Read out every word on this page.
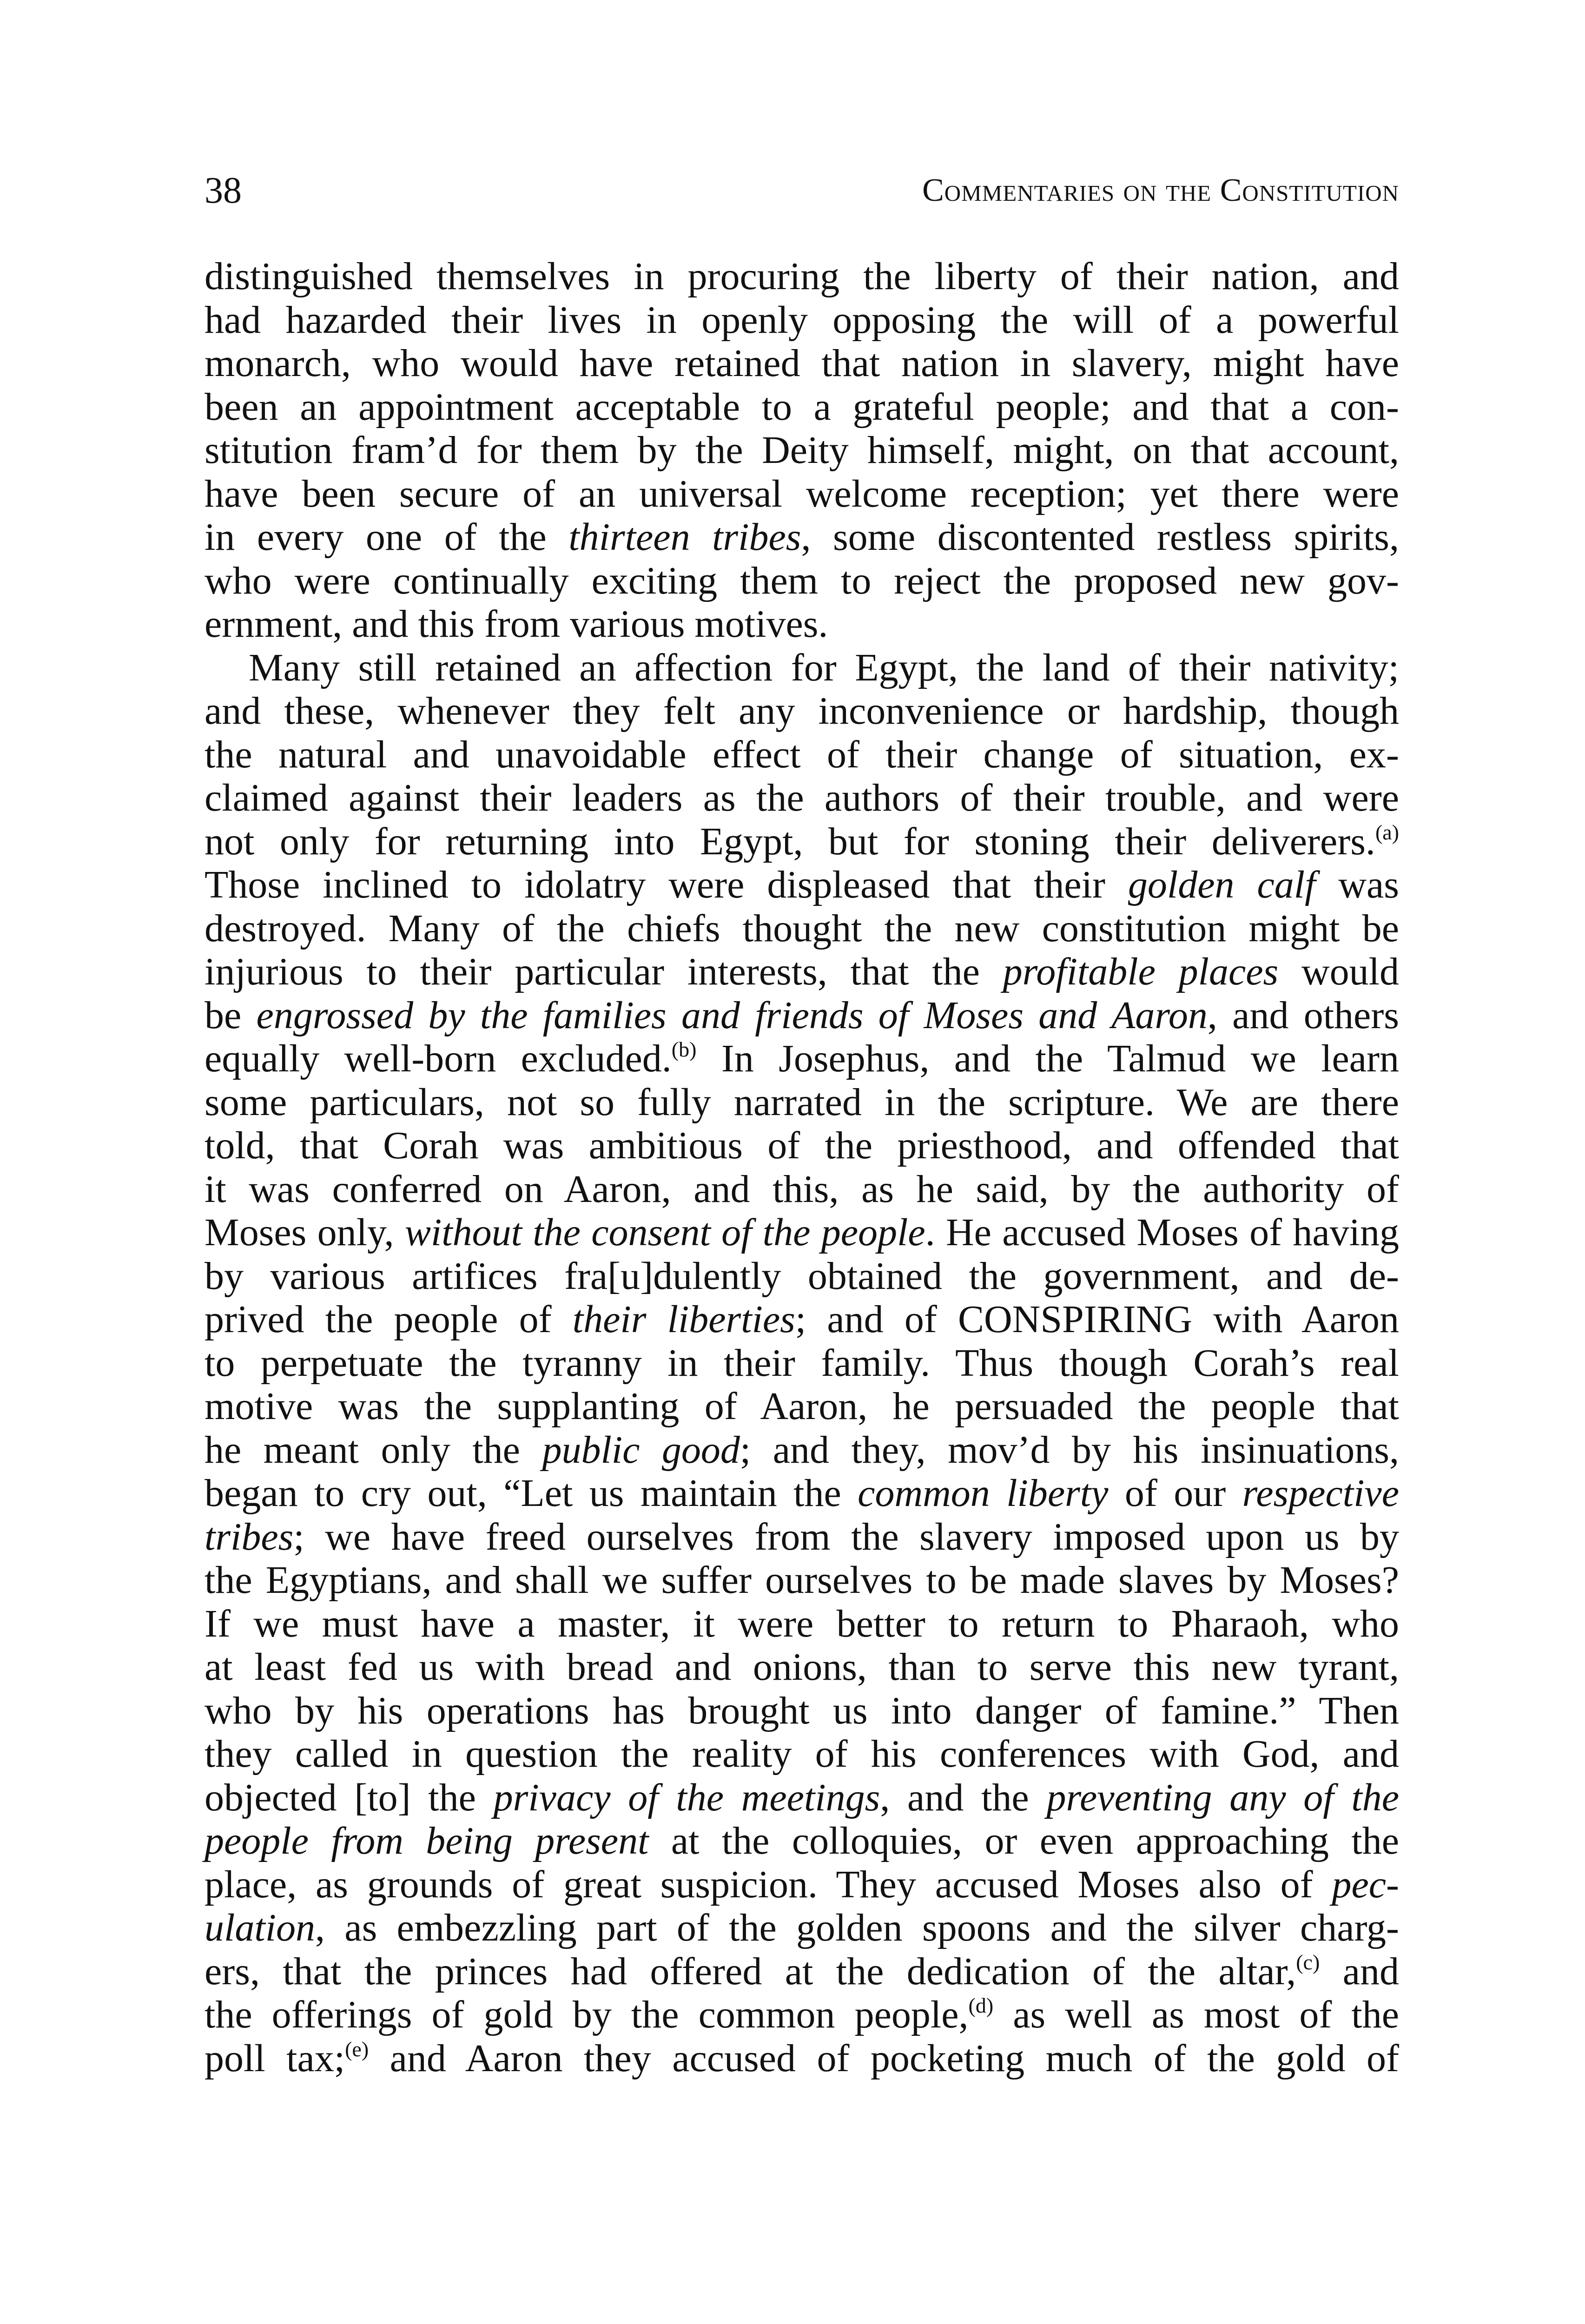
38	Commentaries on the Constitution
distinguished themselves in procuring the liberty of their nation, and
had hazarded their lives in openly opposing the will of a powerful
monarch, who would have retained that nation in slavery, might have
been an appointment acceptable to a grateful people; and that a con-
stitution fram’d for them by the Deity himself, might, on that account,
have been secure of an universal welcome reception; yet there were
in every one of the thirteen tribes, some discontented restless spirits,
who were continually exciting them to reject the proposed new gov-
ernment, and this from various motives.
Many still retained an affection for Egypt, the land of their nativity;
and these, whenever they felt any inconvenience or hardship, though
the natural and unavoidable effect of their change of situation, ex-
claimed against their leaders as the authors of their trouble, and were
not only for returning into Egypt, but for stoning their deliverers.$^{(a)}$
Those inclined to idolatry were displeased that their golden calf was
destroyed. Many of the chiefs thought the new constitution might be
injurious to their particular interests, that the profitable places would
be engrossed by the families and friends of Moses and Aaron, and others
equally well-born excluded.$^{(b)}$ In Josephus, and the Talmud we learn
some particulars, not so fully narrated in the scripture. We are there
told, that Corah was ambitious of the priesthood, and offended that
it was conferred on Aaron, and this, as he said, by the authority of
Moses only, without the consent of the people. He accused Moses of having
by various artifices fra[u]dulently obtained the government, and de-
prived the people of their liberties; and of CONSPIRING with Aaron
to perpetuate the tyranny in their family. Thus though Corah’s real
motive was the supplanting of Aaron, he persuaded the people that
he meant only the public good; and they, mov’d by his insinuations,
began to cry out, “Let us maintain the common liberty of our respective
tribes; we have freed ourselves from the slavery imposed upon us by
the Egyptians, and shall we suffer ourselves to be made slaves by Moses?
If we must have a master, it were better to return to Pharaoh, who
at least fed us with bread and onions, than to serve this new tyrant,
who by his operations has brought us into danger of famine.” Then
they called in question the reality of his conferences with God, and
objected [to] the privacy of the meetings, and the preventing any of the
people from being present at the colloquies, or even approaching the
place, as grounds of great suspicion. They accused Moses also of pec-
ulation, as embezzling part of the golden spoons and the silver charg-
ers, that the princes had offered at the dedication of the altar,$^{(c)}$ and
the offerings of gold by the common people,$^{(d)}$ as well as most of the
poll tax;$^{(e)}$ and Aaron they accused of pocketing much of the gold of
